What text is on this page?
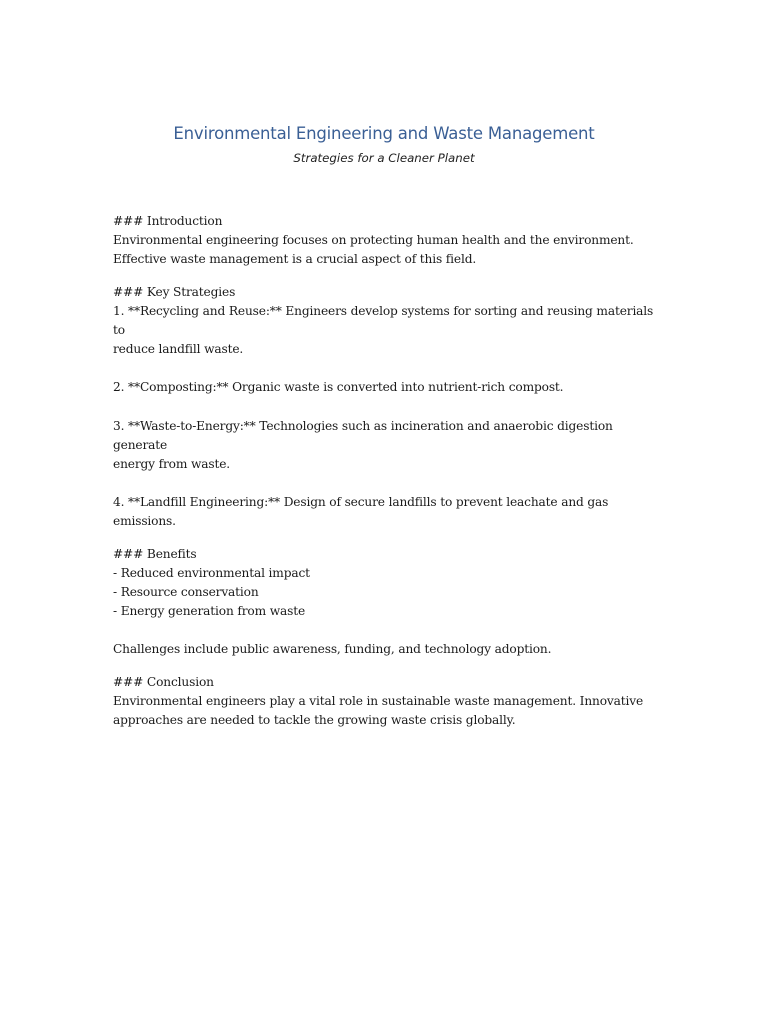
Environmental Engineering and Waste Management
Strategies for a Cleaner Planet
### Introduction
Environmental engineering focuses on protecting human health and the environment.
Effective waste management is a crucial aspect of this field.
### Key Strategies
1. **Recycling and Reuse:** Engineers develop systems for sorting and reusing materials to
reduce landfill waste.
2. **Composting:** Organic waste is converted into nutrient-rich compost.
3. **Waste-to-Energy:** Technologies such as incineration and anaerobic digestion generate
energy from waste.
4. **Landfill Engineering:** Design of secure landfills to prevent leachate and gas emissions.
### Benefits
- Reduced environmental impact
- Resource conservation
- Energy generation from waste
Challenges include public awareness, funding, and technology adoption.
### Conclusion
Environmental engineers play a vital role in sustainable waste management. Innovative
approaches are needed to tackle the growing waste crisis globally.
